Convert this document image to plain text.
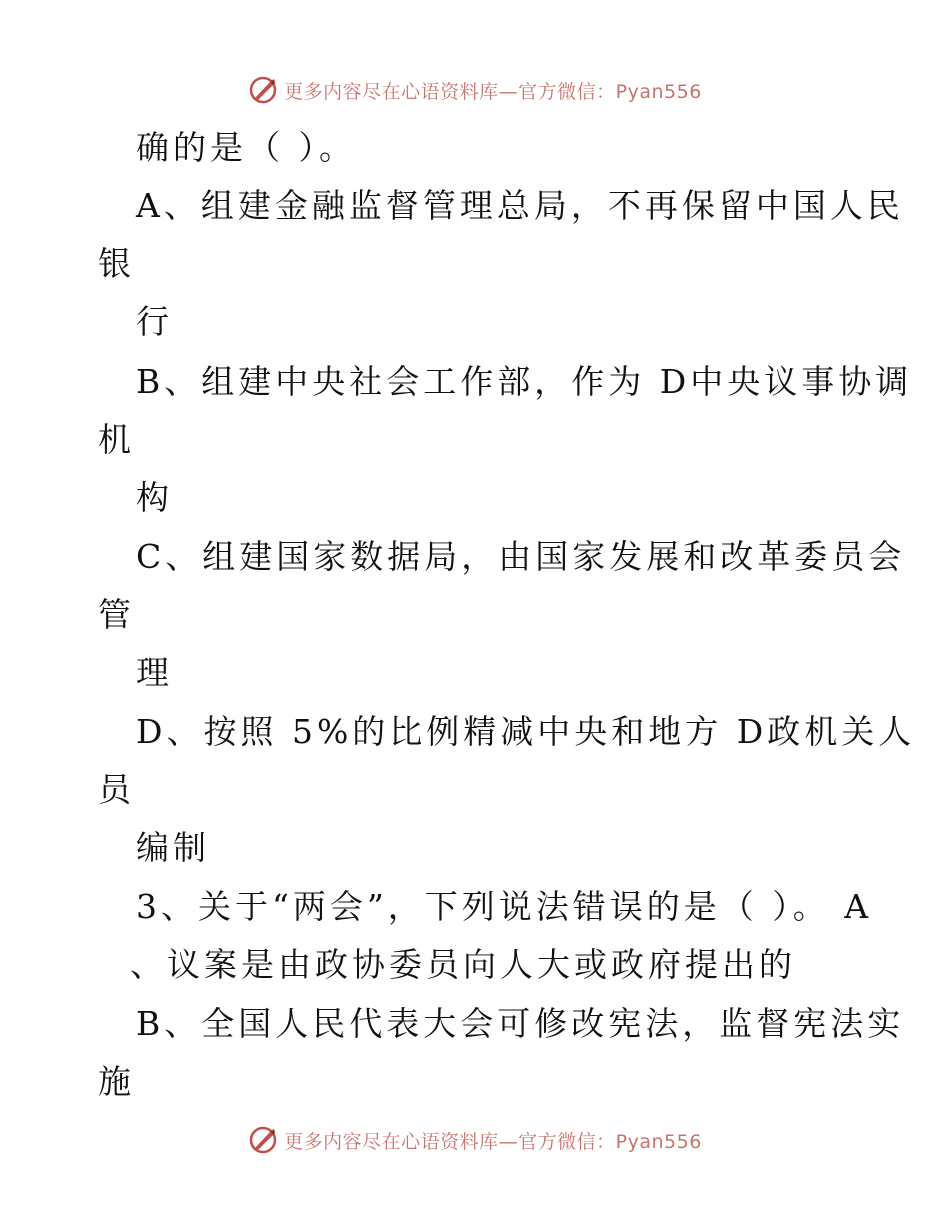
更多内容尽在心语资料库—官方微信：Pyan556
确的是（ ）。
A、组建金融监督管理总局，不再保留中国人民
银
行
B、组建中央社会工作部，作为 D中央议事协调
机
构
C、组建国家数据局，由国家发展和改革委员会
管
理
D、按照 5%的比例精减中央和地方 D政机关人
员
编制
3、关于“两会”，下列说法错误的是（ ）。 A
、议案是由政协委员向人大或政府提出的
B、全国人民代表大会可修改宪法，监督宪法实
施
更多内容尽在心语资料库—官方微信：Pyan556
